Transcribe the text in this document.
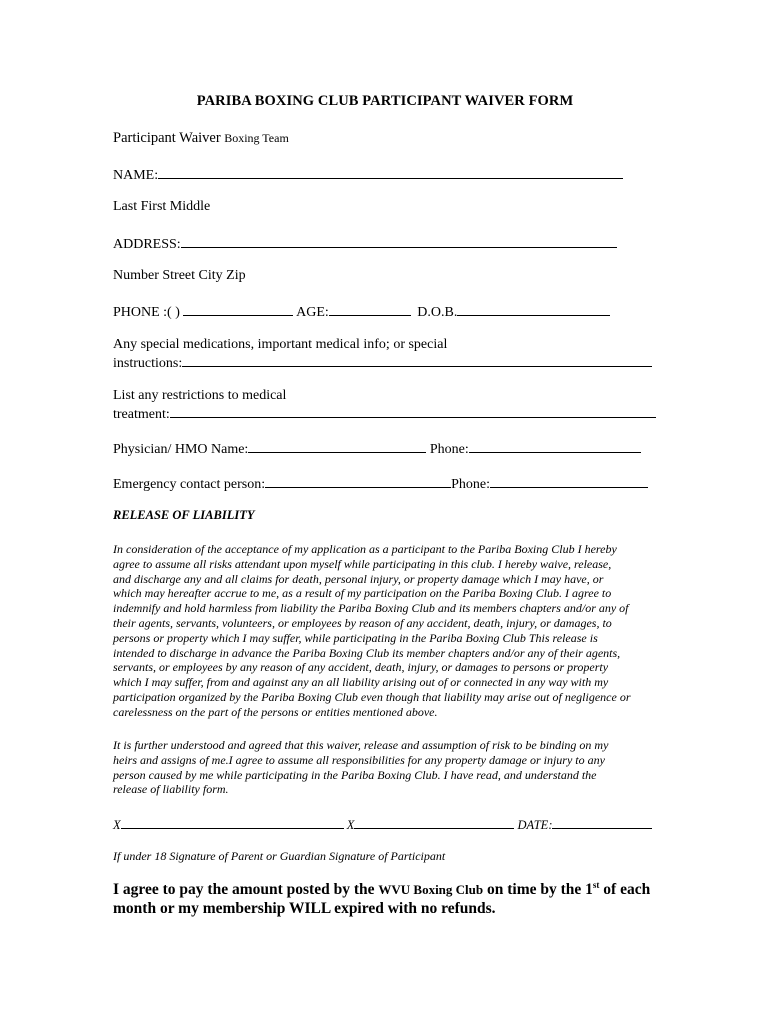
PARIBA BOXING CLUB PARTICIPANT WAIVER FORM
Participant Waiver Boxing Team
NAME:
Last First Middle
ADDRESS:
Number Street City Zip
PHONE :( )	AGE:	D.O.B.
Any special medications, important medical info; or special
instructions:
List any restrictions to medical
treatment:
Physician/ HMO Name:	Phone:
Emergency contact person:	Phone:
RELEASE OF LIABILITY
In consideration of the acceptance of my application as a participant to the Pariba Boxing Club I hereby
agree to assume all risks attendant upon myself while participating in this club. I hereby waive, release,
and discharge any and all claims for death, personal injury, or property damage which I may have, or
which may hereafter accrue to me, as a result of my participation on the Pariba Boxing Club. I agree to
indemnify and hold harmless from liability the Pariba Boxing Club and its members chapters and/or any of
their agents, servants, volunteers, or employees by reason of any accident, death, injury, or damages, to
persons or property which I may suffer, while participating in the Pariba Boxing Club This release is
intended to discharge in advance the Pariba Boxing Club its member chapters and/or any of their agents,
servants, or employees by any reason of any accident, death, injury, or damages to persons or property
which I may suffer, from and against any an all liability arising out of or connected in any way with my
participation organized by the Pariba Boxing Club even though that liability may arise out of negligence or
carelessness on the part of the persons or entities mentioned above.
It is further understood and agreed that this waiver, release and assumption of risk to be binding on my
heirs and assigns of me.I agree to assume all responsibilities for any property damage or injury to any
person caused by me while participating in the Pariba Boxing Club. I have read, and understand the
release of liability form.
X	X	DATE:
If under 18 Signature of Parent or Guardian Signature of Participant
I agree to pay the amount posted by the WVU Boxing Club on time by the 1st of each
month or my membership WILL expired with no refunds.
